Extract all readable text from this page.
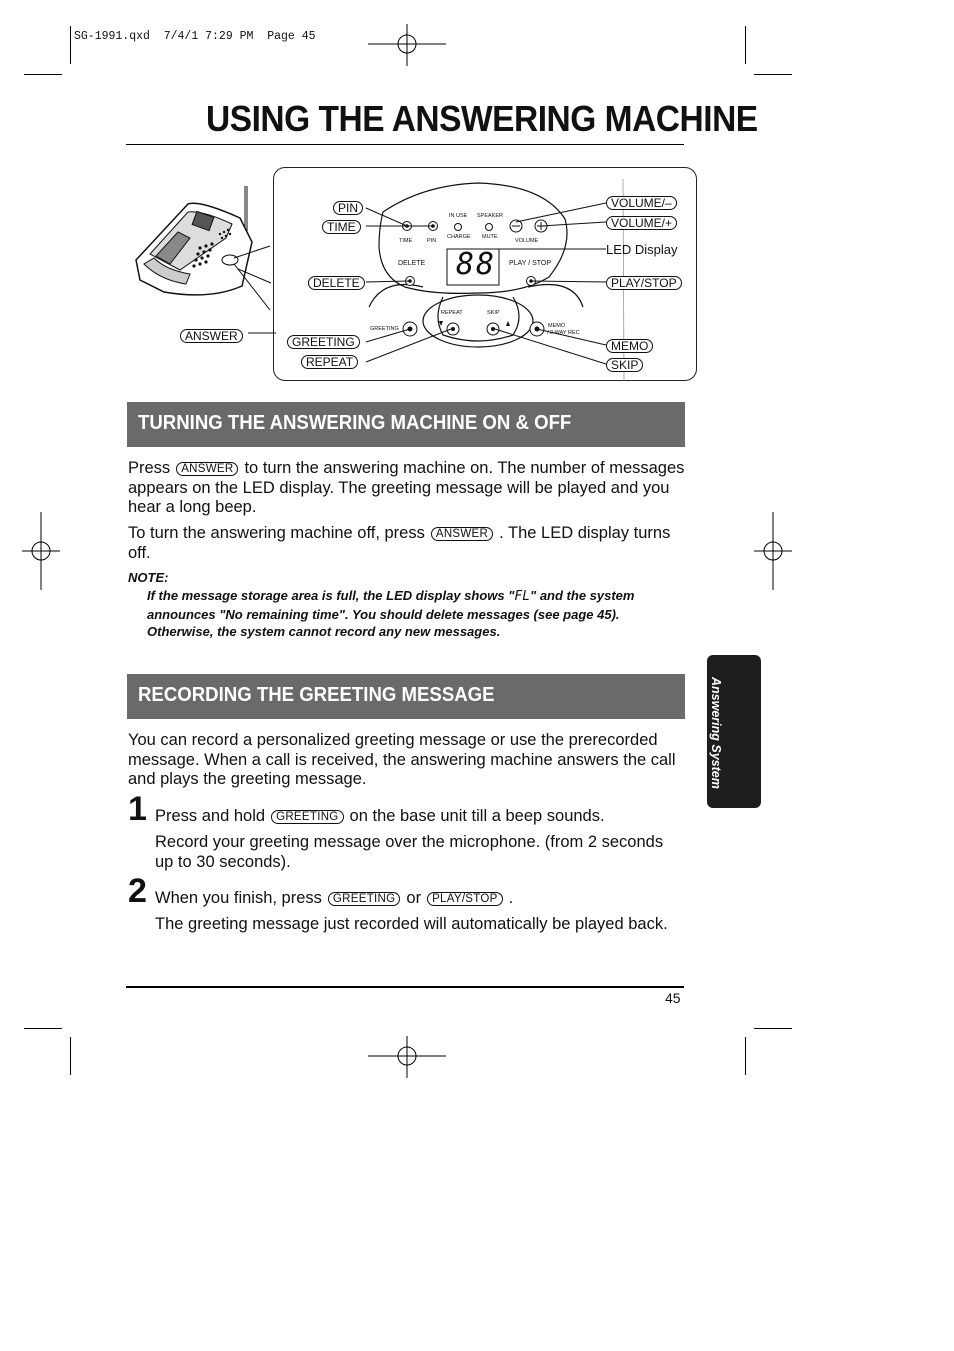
SG-1991.qxd  7/4/1 7:29 PM  Page 45
USING THE ANSWERING MACHINE
ANSWER
88
IN USE SPEAKER
CHARGE MUTE
TIME	PIN	VOLUME
DELETE	PLAY / STOP
REPEAT	SKIP
GREETING	MEMO
/ 2 WAY REC
PIN
TIME
DELETE
GREETING
REPEAT
VOLUME/–
VOLUME/+
LED Display
PLAY/STOP
MEMO
SKIP
TURNING THE ANSWERING MACHINE ON & OFF
Press ANSWER to turn the answering machine on. The number of messages appears on the LED display. The greeting message will be played and you hear a long beep.
To turn the answering machine off, press ANSWER . The LED display turns off.
NOTE:
If the message storage area is full, the LED display shows "FL" and the system announces "No remaining time". You should delete messages (see page 45). Otherwise, the system cannot record any new messages.
RECORDING THE GREETING MESSAGE
You can record a personalized greeting message or use the prerecorded message. When a call is received, the answering machine answers the call and plays the greeting message.
1 Press and hold GREETING on the base unit till a beep sounds.
Record your greeting message over the microphone. (from 2 seconds up to 30 seconds).
2 When you finish, press GREETING or PLAY/STOP .
The greeting message just recorded will automatically be played back.
45
Answering System
